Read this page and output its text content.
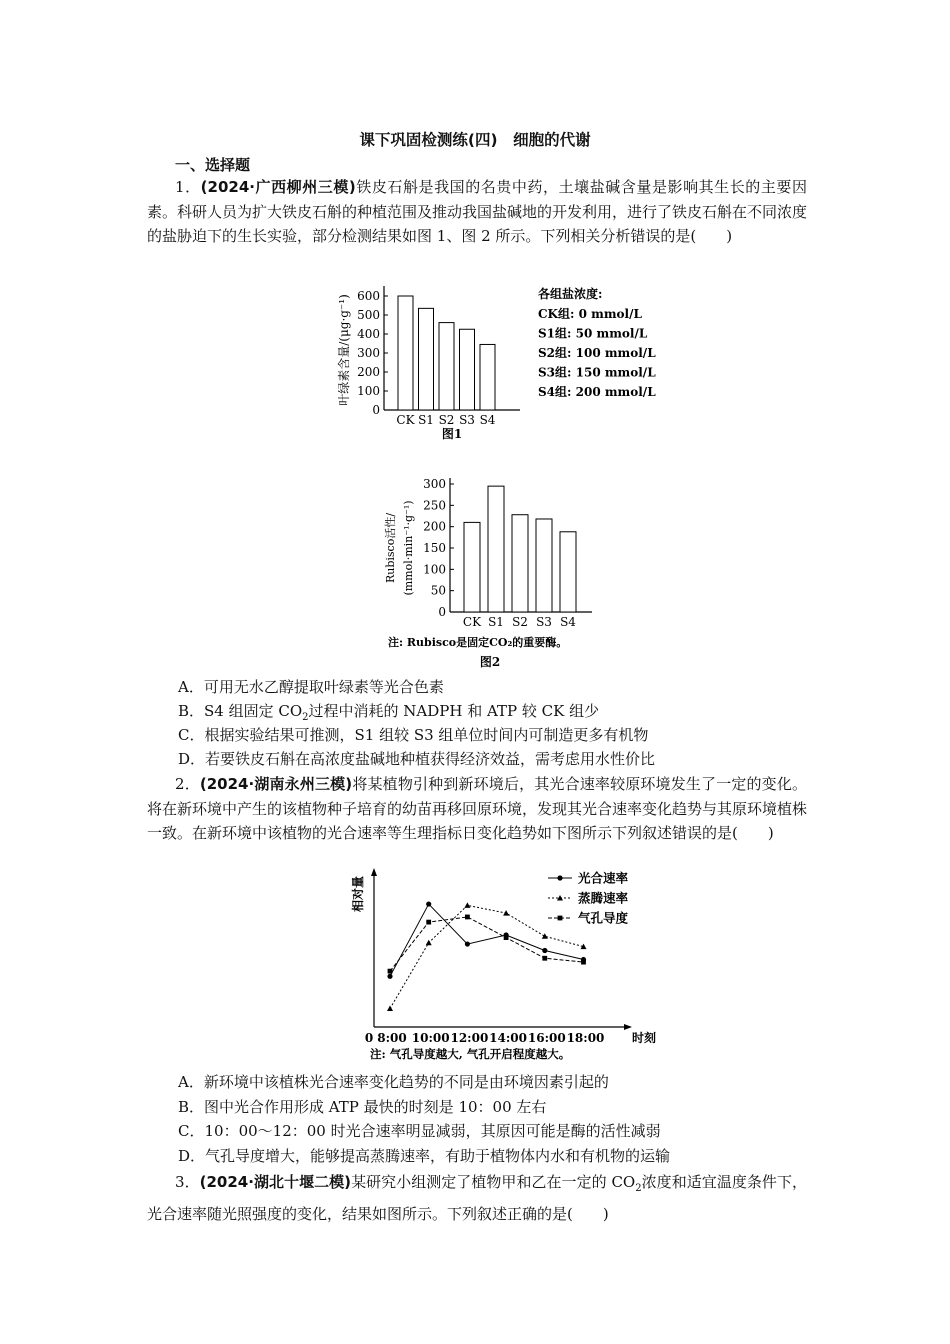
课下巩固检测练(四)　细胞的代谢
一、选择题

1．(2024·广西柳州三模)铁皮石斛是我国的名贵中药，土壤盐碱含量是影响其生长的主要因素。科研人员为扩大铁皮石斛的种植范围及推动我国盐碱地的开发利用，进行了铁皮石斛在不同浓度的盐胁迫下的生长实验，部分检测结果如图 1、图 2 所示。下列相关分析错误的是(　　)

0
100
200
300
400
500
600
CK S1 S2 S3 S4
叶绿素含量/(μg·g⁻¹)
图1
各组盐浓度:
CK组: 0 mmol/L
S1组: 50 mmol/L
S2组: 100 mmol/L
S3组: 150 mmol/L
S4组: 200 mmol/L
0
50
100
150
200
250
300
CK S1 S2 S3 S4
Rubisco活性/ (mmol·min⁻¹·g⁻¹)
注: Rubisco是固定CO₂的重要酶。
图2
A．可用无水乙醇提取叶绿素等光合色素
B．S4 组固定 $CO_2$过程中消耗的 NADPH 和 ATP 较 CK 组少
C．根据实验结果可推测，S1 组较 S3 组单位时间内可制造更多有机物
D．若要铁皮石斛在高浓度盐碱地种植获得经济效益，需考虑用水性价比

2．(2024·湖南永州三模)将某植物引种到新环境后，其光合速率较原环境发生了一定的变化。将在新环境中产生的该植物种子培育的幼苗再移回原环境，发现其光合速率变化趋势与其原环境植株一致。在新环境中该植物的光合速率等生理指标日变化趋势如下图所示下列叙述错误的是(　　)

相对量
0	时刻
8:00 10:00 12:00 14:00 16:00 18:00
光合速率
蒸腾速率
气孔导度
注: 气孔导度越大, 气孔开启程度越大。
A．新环境中该植株光合速率变化趋势的不同是由环境因素引起的
B．图中光合作用形成 ATP 最快的时刻是 10：00 左右
C．10：00～12：00 时光合速率明显减弱，其原因可能是酶的活性减弱
D．气孔导度增大，能够提高蒸腾速率，有助于植物体内水和有机物的运输

3．(2024·湖北十堰二模)某研究小组测定了植物甲和乙在一定的 $CO_2$浓度和适宜温度条件下，光合速率随光照强度的变化，结果如图所示。下列叙述正确的是(　　)
